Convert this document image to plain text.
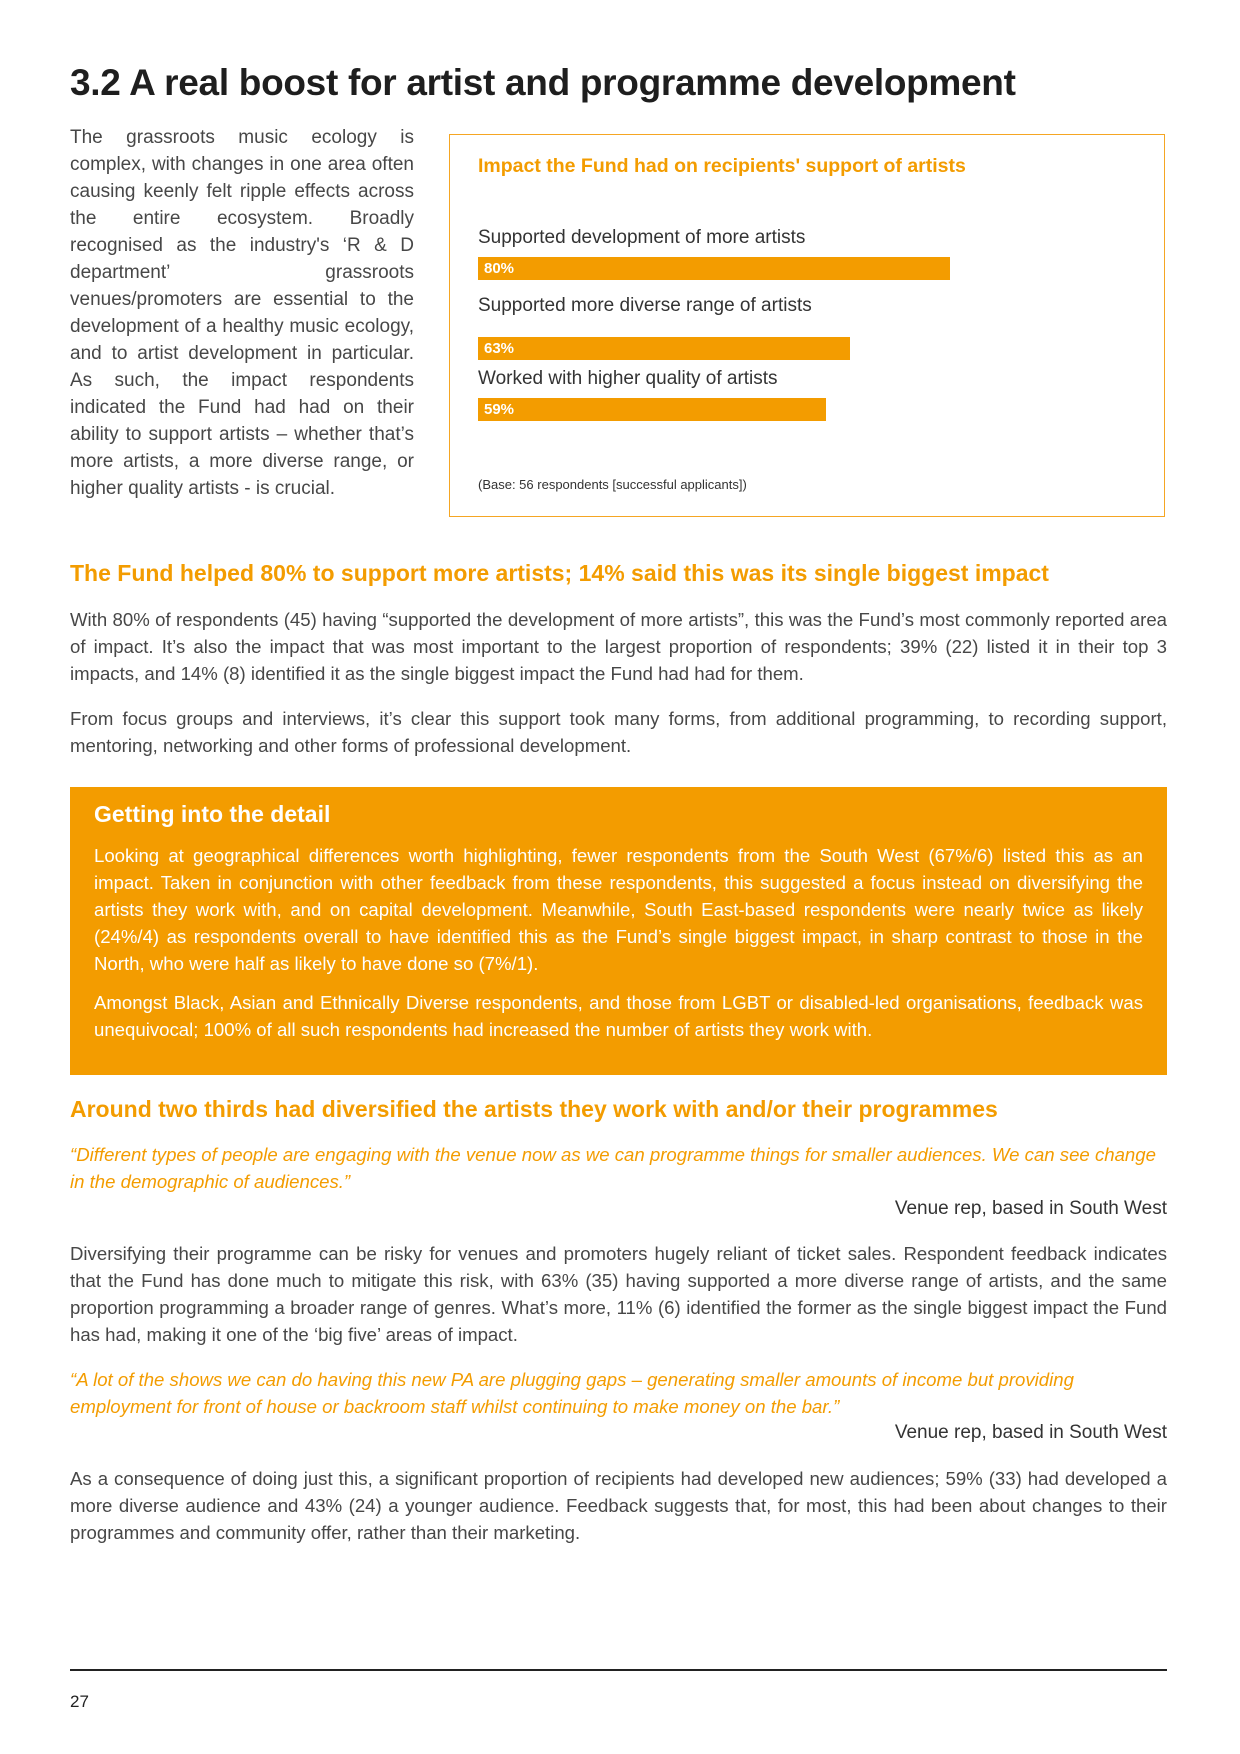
3.2 A real boost for artist and programme development

The grassroots music ecology is complex, with changes in one area often causing keenly felt ripple effects across the entire ecosystem. Broadly recognised as the industry's ‘R & D department’ grassroots venues/promoters are essential to the development of a healthy music ecology, and to artist development in particular. As such, the impact respondents indicated the Fund had had on their ability to support artists – whether that’s more artists, a more diverse range, or higher quality artists - is crucial.

Impact the Fund had on recipients' support of artists
Supported development of more artists
80%
Supported more diverse range of artists
63%
Worked with higher quality of artists
59%
(Base: 56 respondents [successful applicants])
The Fund helped 80% to support more artists; 14% said this was its single biggest impact

With 80% of respondents (45) having “supported the development of more artists”, this was the Fund’s most commonly reported area of impact. It’s also the impact that was most important to the largest proportion of respondents; 39% (22) listed it in their top 3 impacts, and 14% (8) identified it as the single biggest impact the Fund had had for them.

From focus groups and interviews, it’s clear this support took many forms, from additional programming, to recording support, mentoring, networking and other forms of professional development.

Getting into the detail

Looking at geographical differences worth highlighting, fewer respondents from the South West (67%/6) listed this as an impact. Taken in conjunction with other feedback from these respondents, this suggested a focus instead on diversifying the artists they work with, and on capital development. Meanwhile, South East-based respondents were nearly twice as likely (24%/4) as respondents overall to have identified this as the Fund’s single biggest impact, in sharp contrast to those in the North, who were half as likely to have done so (7%/1).

Amongst Black, Asian and Ethnically Diverse respondents, and those from LGBT or disabled-led organisations, feedback was unequivocal; 100% of all such respondents had increased the number of artists they work with.

Around two thirds had diversified the artists they work with and/or their programmes

“Different types of people are engaging with the venue now as we can programme things for smaller audiences. We can see change in the demographic of audiences.”

Venue rep, based in South West

Diversifying their programme can be risky for venues and promoters hugely reliant of ticket sales. Respondent feedback indicates that the Fund has done much to mitigate this risk, with 63% (35) having supported a more diverse range of artists, and the same proportion programming a broader range of genres. What’s more, 11% (6) identified the former as the single biggest impact the Fund has had, making it one of the ‘big five’ areas of impact.

“A lot of the shows we can do having this new PA are plugging gaps – generating smaller amounts of income but providing employment for front of house or backroom staff whilst continuing to make money on the bar.”

Venue rep, based in South West

As a consequence of doing just this, a significant proportion of recipients had developed new audiences; 59% (33) had developed a more diverse audience and 43% (24) a younger audience. Feedback suggests that, for most, this had been about changes to their programmes and community offer, rather than their marketing.

27
